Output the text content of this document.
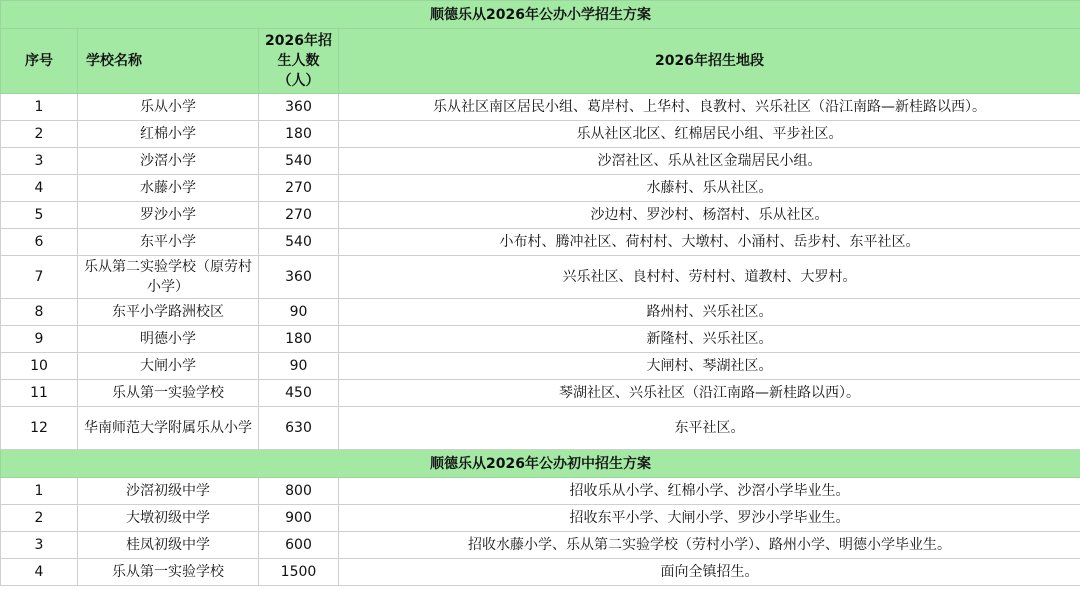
顺德乐从2026年公办小学招生方案			
序号	学校名称	2026年招生人数（人）	2026年招生地段
1	乐从小学	360	乐从社区南区居民小组、葛岸村、上华村、良教村、兴乐社区（沿江南路—新桂路以西）。
2	红棉小学	180	乐从社区北区、红棉居民小组、平步社区。
3	沙滘小学	540	沙滘社区、乐从社区金瑞居民小组。
4	水藤小学	270	水藤村、乐从社区。
5	罗沙小学	270	沙边村、罗沙村、杨滘村、乐从社区。
6	东平小学	540	小布村、腾冲社区、荷村村、大墩村、小涌村、岳步村、东平社区。
7	乐从第二实验学校（原劳村小学）	360	兴乐社区、良村村、劳村村、道教村、大罗村。
8	东平小学路洲校区	90	路州村、兴乐社区。
9	明德小学	180	新隆村、兴乐社区。
10	大闸小学	90	大闸村、琴湖社区。
11	乐从第一实验学校	450	琴湖社区、兴乐社区（沿江南路—新桂路以西）。
12	华南师范大学附属乐从小学	630	东平社区。
顺德乐从2026年公办初中招生方案			
1	沙滘初级中学	800	招收乐从小学、红棉小学、沙滘小学毕业生。
2	大墩初级中学	900	招收东平小学、大闸小学、罗沙小学毕业生。
3	桂凤初级中学	600	招收水藤小学、乐从第二实验学校（劳村小学）、路州小学、明德小学毕业生。
4	乐从第一实验学校	1500	面向全镇招生。
